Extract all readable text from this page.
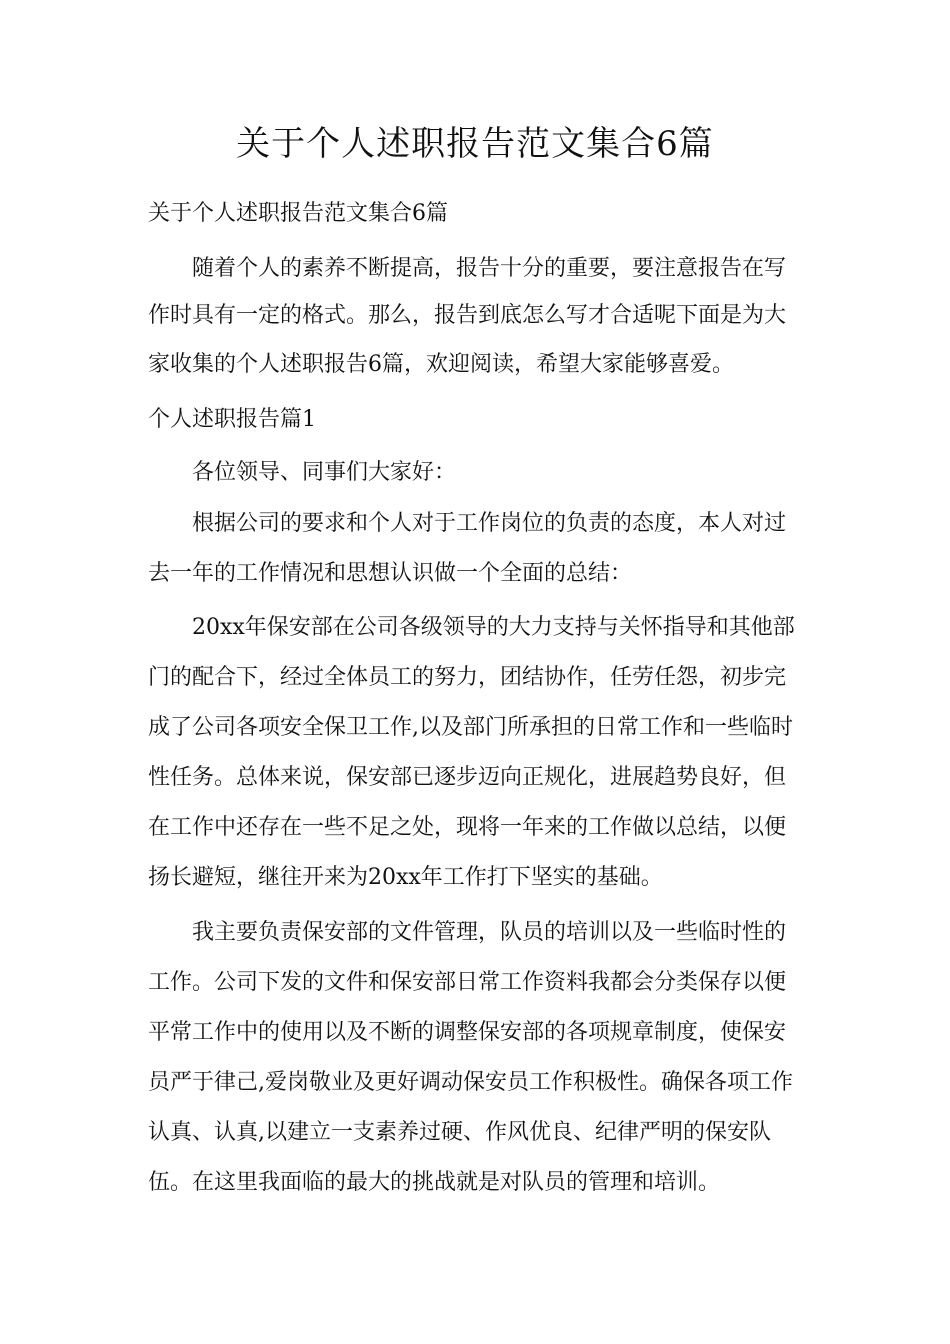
关于个人述职报告范文集合6篇
关于个人述职报告范文集合6篇
随着个人的素养不断提高，报告十分的重要，要注意报告在写
作时具有一定的格式。那么，报告到底怎么写才合适呢下面是为大
家收集的个人述职报告6篇，欢迎阅读，希望大家能够喜爱。
个人述职报告篇1
各位领导、同事们大家好：
根据公司的要求和个人对于工作岗位的负责的态度，本人对过
去一年的工作情况和思想认识做一个全面的总结：
20xx年保安部在公司各级领导的大力支持与关怀指导和其他部
门的配合下，经过全体员工的努力，团结协作，任劳任怨，初步完
成了公司各项安全保卫工作,以及部门所承担的日常工作和一些临时
性任务。总体来说，保安部已逐步迈向正规化，进展趋势良好，但
在工作中还存在一些不足之处，现将一年来的工作做以总结，以便
扬长避短，继往开来为20xx年工作打下坚实的基础。
我主要负责保安部的文件管理，队员的培训以及一些临时性的
工作。公司下发的文件和保安部日常工作资料我都会分类保存以便
平常工作中的使用以及不断的调整保安部的各项规章制度，使保安
员严于律己,爱岗敬业及更好调动保安员工作积极性。确保各项工作
认真、认真,以建立一支素养过硬、作风优良、纪律严明的保安队
伍。在这里我面临的最大的挑战就是对队员的管理和培训。
